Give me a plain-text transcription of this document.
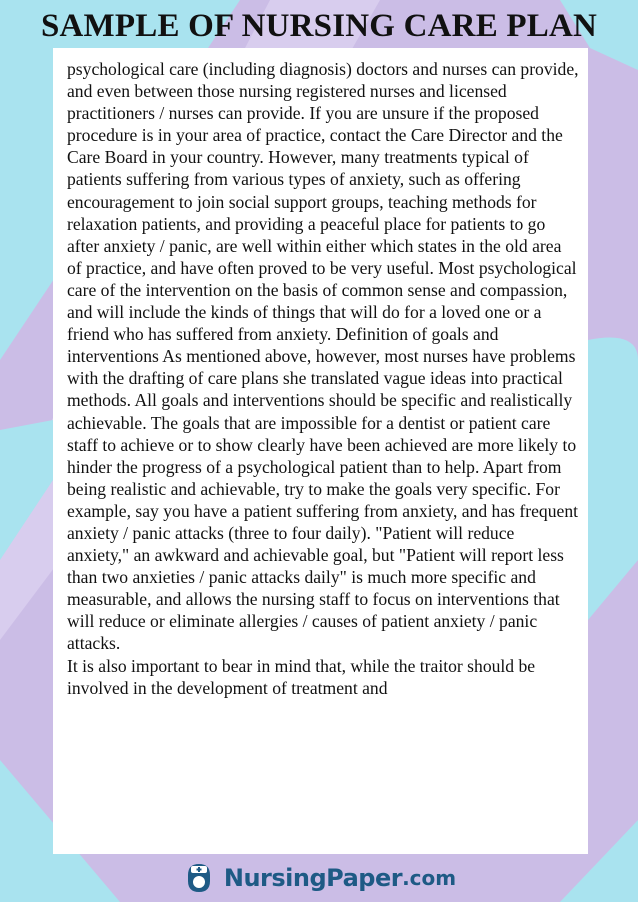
SAMPLE OF NURSING CARE PLAN

psychological care (including diagnosis) doctors and nurses can provide, and even between those nursing registered nurses and licensed practitioners / nurses can provide. If you are unsure if the proposed procedure is in your area of practice, contact the Care Director and the Care Board in your country. However, many treatments typical of patients suffering from various types of anxiety, such as offering encouragement to join social support groups, teaching methods for relaxation patients, and providing a peaceful place for patients to go after anxiety / panic, are well within either which states in the old area of practice, and have often proved to be very useful. Most psychological care of the intervention on the basis of common sense and compassion, and will include the kinds of things that will do for a loved one or a friend who has suffered from anxiety. Definition of goals and interventions As mentioned above, however, most nurses have problems with the drafting of care plans she translated vague ideas into practical methods. All goals and interventions should be specific and realistically achievable. The goals that are impossible for a dentist or patient care staff to achieve or to show clearly have been achieved are more likely to hinder the progress of a psychological patient than to help. Apart from being realistic and achievable, try to make the goals very specific. For example, say you have a patient suffering from anxiety, and has frequent anxiety / panic attacks (three to four daily). "Patient will reduce anxiety," an awkward and achievable goal, but "Patient will report less than two anxieties / panic attacks daily" is much more specific and measurable, and allows the nursing staff to focus on interventions that will reduce or eliminate allergies / causes of patient anxiety / panic attacks.

It is also important to bear in mind that, while the traitor should be involved in the development of treatment and

NursingPaper .com
